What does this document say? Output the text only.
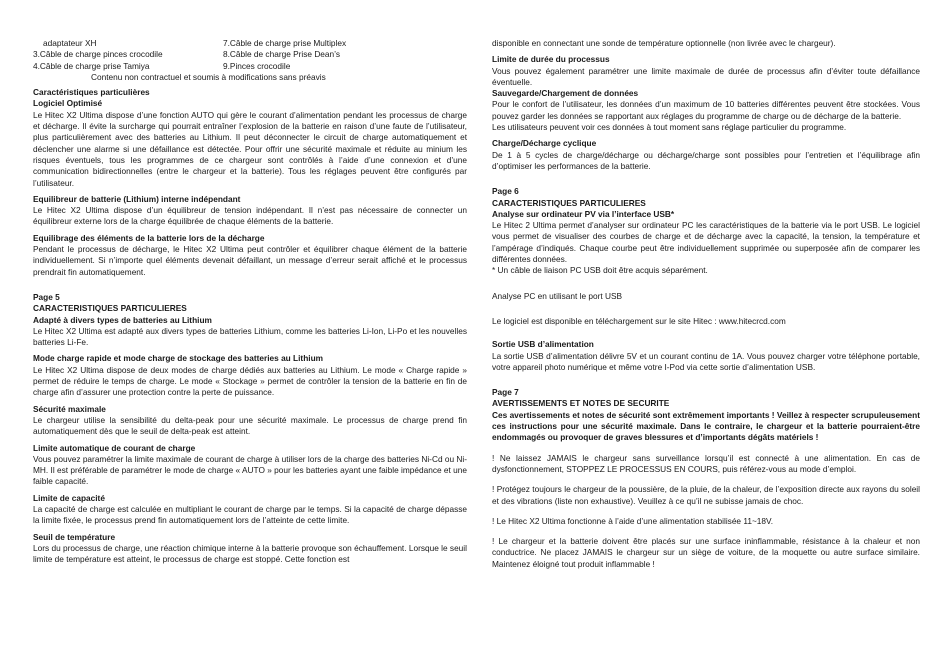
adaptateur XH	7.Câble de charge prise Multiplex
3.Câble de charge pinces crocodile	8.Câble de charge Prise Dean’s
4.Câble de charge prise Tamiya	9.Pinces crocodile
Contenu non contractuel et soumis à modifications sans préavis
Caractéristiques particulières
Logiciel Optimisé

Le Hitec X2 Ultima dispose d’une fonction AUTO qui gère le courant d’alimentation pendant les processus de charge et décharge. Il évite la surcharge qui pourrait entraîner l’explosion de la batterie en raison d’une faute de l’utilisateur, plus particulièrement avec des batteries au Lithium. Il peut déconnecter le circuit de charge automatiquement et déclencher une alarme si une défaillance est détectée. Pour offrir une sécurité maximale et réduite au minium les risques éventuels, tous les programmes de ce chargeur sont contrôlés à l’aide d’une connexion et d’une communication bidirectionnelles (entre le chargeur et la batterie). Tous les réglages peuvent être configurés par l’utilisateur.

Equilibreur de batterie (Lithium) interne indépendant

Le Hitec X2 Ultima dispose d’un équilibreur de tension indépendant. Il n’est pas nécessaire de connecter un équilibreur externe lors de la charge équilibrée de chaque éléments de la batterie.

Equilibrage des éléments de la batterie lors de la décharge

Pendant le processus de décharge, le Hitec X2 Ultima peut contrôler et équilibrer chaque élément de la batterie individuellement. Si n’importe quel éléments devenait défaillant, un message d’erreur serait affiché et le processus prendrait fin automatiquement.

Page 5
CARACTERISTIQUES PARTICULIERES
Adapté à divers types de batteries au Lithium

Le Hitec X2 Ultima est adapté aux divers types de batteries Lithium, comme les batteries Li-Ion, Li-Po et les nouvelles batteries Li-Fe.

Mode charge rapide et mode charge de stockage des batteries au Lithium

Le Hitec X2 Ultima dispose de deux modes de charge dédiés aux batteries au Lithium. Le mode « Charge rapide » permet de réduire le temps de charge. Le mode « Stockage » permet de contrôler la tension de la batterie en fin de charge afin d’assurer une protection contre la perte de puissance.

Sécurité maximale

Le chargeur utilise la sensibilité du delta-peak pour une sécurité maximale. Le processus de charge prend fin automatiquement dès que le seuil de delta-peak est atteint.

Limite automatique de courant de charge

Vous pouvez paramétrer la limite maximale de courant de charge à utiliser lors de la charge des batteries Ni-Cd ou Ni-MH. Il est préférable de paramétrer le mode de charge « AUTO » pour les batteries ayant une faible impédance et une faible capacité.

Limite de capacité

La capacité de charge est calculée en multipliant le courant de charge par le temps. Si la capacité de charge dépasse la limite fixée, le processus prend fin automatiquement lors de l’atteinte de cette limite.

Seuil de température

Lors du processus de charge, une réaction chimique interne à la batterie provoque son échauffement. Lorsque le seuil limite de température est atteint, le processus de charge est stoppé. Cette fonction est

disponible en connectant une sonde de température optionnelle (non livrée avec le chargeur).

Limite de durée du processus

Vous pouvez également paramétrer une limite maximale de durée de processus afin d’éviter toute défaillance éventuelle.

Sauvegarde/Chargement de données

Pour le confort de l’utilisateur, les données d’un maximum de 10 batteries différentes peuvent être stockées. Vous pouvez garder les données se rapportant aux réglages du programme de charge ou de décharge de la batterie.

Les utilisateurs peuvent voir ces données à tout moment sans réglage particulier du programme.

Charge/Décharge cyclique

De 1 à 5 cycles de charge/décharge ou décharge/charge sont possibles pour l’entretien et l’équilibrage afin d’optimiser les performances de la batterie.

Page 6
CARACTERISTIQUES PARTICULIERES
Analyse sur ordinateur PV via l’interface USB*

Le Hitec 2 Ultima permet d’analyser sur ordinateur PC les caractéristiques de la batterie via le port USB. Le logiciel vous permet de visualiser des courbes de charge et de décharge avec la capacité, la tension, la température et l’ampérage d’indiqués. Chaque courbe peut être individuellement supprimée ou superposée afin de comparer les différentes données.

* Un câble de liaison PC USB doit être acquis séparément.

Analyse PC en utilisant le port USB

Le logiciel est disponible en téléchargement sur le site Hitec : www.hitecrcd.com

Sortie USB d’alimentation

La sortie USB d’alimentation délivre 5V et un courant continu de 1A. Vous pouvez charger votre téléphone portable, votre appareil photo numérique et même votre I-Pod via cette sortie d’alimentation USB.

Page 7
AVERTISSEMENTS ET NOTES DE SECURITE
Ces avertissements et notes de sécurité sont extrêmement importants ! Veillez à respecter scrupuleusement ces instructions pour une sécurité maximale. Dans le contraire, le chargeur et la batterie pourraient-être endommagés ou provoquer de graves blessures et d’importants dégâts matériels !

! Ne laissez JAMAIS le chargeur sans surveillance lorsqu’il est connecté à une alimentation. En cas de dysfonctionnement, STOPPEZ LE PROCESSUS EN COURS, puis référez-vous au mode d’emploi.

! Protégez toujours le chargeur de la poussière, de la pluie, de la chaleur, de l’exposition directe aux rayons du soleil et des vibrations (liste non exhaustive). Veuillez à ce qu’il ne subisse jamais de choc.

! Le Hitec X2 Ultima fonctionne à l’aide d’une alimentation stabilisée 11~18V.

! Le chargeur et la batterie doivent être placés sur une surface ininflammable, résistance à la chaleur et non conductrice. Ne placez JAMAIS le chargeur sur un siège de voiture, de la moquette ou autre surface similaire. Maintenez éloigné tout produit inflammable !
